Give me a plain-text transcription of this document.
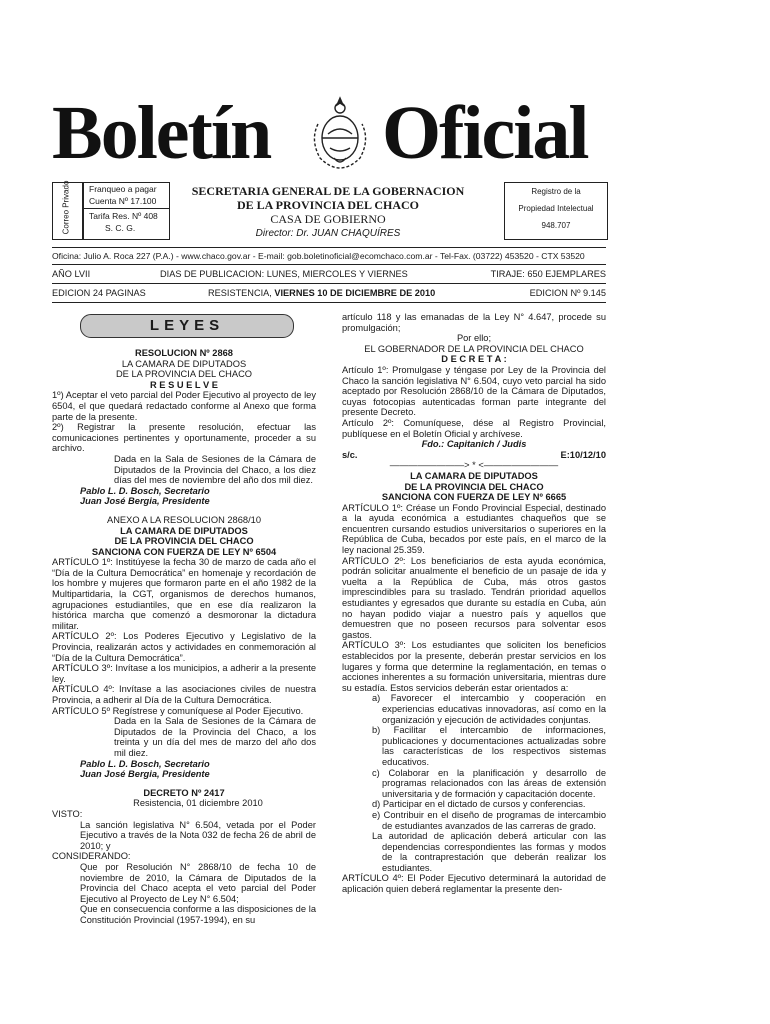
Boletín Oficial
Correo Privado	Franqueo a pagar
Cuenta Nº 17.100
Tarifa Res. Nº 408
S. C. G.
SECRETARIA GENERAL DE LA GOBERNACION
DE LA PROVINCIA DEL CHACO
CASA DE GOBIERNO
Director: Dr. JUAN CHAQUÍRES
Registro de la
Propiedad Intelectual
948.707
Oficina: Julio A. Roca 227 (P.A.) - www.chaco.gov.ar - E-mail: gob.boletinoficial@ecomchaco.com.ar - Tel-Fax. (03722) 453520 - CTX 53520
AÑO LVII	DIAS DE PUBLICACION: LUNES, MIERCOLES Y VIERNES	TIRAJE: 650 EJEMPLARES
EDICION 24 PAGINAS	RESISTENCIA, VIERNES 10 DE DICIEMBRE DE 2010	EDICION Nº 9.145
LEYES

RESOLUCION Nº 2868

LA CAMARA DE DIPUTADOS

DE LA PROVINCIA DEL CHACO

R E S U E L V E

1º) Aceptar el veto parcial del Poder Ejecutivo al proyecto de ley 6504, el que quedará redactado conforme al Anexo que forma parte de la presente.

2º) Registrar la presente resolución, efectuar las comunicaciones pertinentes y oportunamente, proceder a su archivo.

Dada en la Sala de Sesiones de la Cámara de Diputados de la Provincia del Chaco, a los diez días del mes de noviembre del año dos mil diez.

Pablo L. D. Bosch, Secretario

Juan José Bergia, Presidente

ANEXO A LA RESOLUCION 2868/10

LA CAMARA DE DIPUTADOS

DE LA PROVINCIA DEL CHACO

SANCIONA CON FUERZA DE LEY Nº 6504

ARTÍCULO 1º: Institúyese la fecha 30 de marzo de cada año el “Día de la Cultura Democrática” en homenaje y recordación de los hombre y mujeres que formaron parte en el año 1982 de la Multipartidaria, la CGT, organismos de derechos humanos, agrupaciones estudiantiles, que en ese día realizaron la histórica marcha que comenzó a desmoronar la dictadura militar.

ARTÍCULO 2º: Los Poderes Ejecutivo y Legislativo de la Provincia, realizarán actos y actividades en conmemoración al “Día de la Cultura Democrática”.

ARTÍCULO 3º: Invítase a los municipios, a adherir a la presente ley.

ARTÍCULO 4º: Invítase a las asociaciones civiles de nuestra Provincia, a adherir al Día de la Cultura Democrática.

ARTÍCULO 5º Regístrese y comuníquese al Poder Ejecutivo.

Dada en la Sala de Sesiones de la Cámara de Diputados de la Provincia del Chaco, a los treinta y un día del mes de marzo del año dos mil diez.

Pablo L. D. Bosch, Secretario

Juan José Bergia, Presidente

DECRETO Nº 2417

Resistencia, 01 diciembre 2010

VISTO:

La sanción legislativa N° 6.504, vetada por el Poder Ejecutivo a través de la Nota 032 de fecha 26 de abril de 2010; y

CONSIDERANDO:

Que por Resolución N° 2868/10 de fecha 10 de noviembre de 2010, la Cámara de Diputados de la Provincia del Chaco acepta el veto parcial del Poder Ejecutivo al Proyecto de Ley N° 6.504;

Que en consecuencia conforme a las disposiciones de la Constitución Provincial (1957-1994), en su

artículo 118 y las emanadas de la Ley N° 4.647, procede su promulgación;

Por ello;

EL GOBERNADOR DE LA PROVINCIA DEL CHACO

D E C R E T A :

Artículo 1º: Promulgase y téngase por Ley de la Provincia del Chaco la sanción legislativa N° 6.504, cuyo veto parcial ha sido aceptado por Resolución 2868/10 de la Cámara de Diputados, cuyas fotocopias autenticadas forman parte integrante del presente Decreto.

Artículo 2º: Comuníquese, dése al Registro Provincial, publíquese en el Boletín Oficial y archívese.

Fdo.: Capitanich / Judis

s/c.	E:10/12/10

————————> * <————————

LA CAMARA DE DIPUTADOS

DE LA PROVINCIA DEL CHACO

SANCIONA CON FUERZA DE LEY Nº 6665

ARTÍCULO 1º: Créase un Fondo Provincial Especial, destinado a la ayuda económica a estudiantes chaqueños que se encuentren cursando estudios universitarios o superiores en la República de Cuba, becados por este país, en el marco de la ley nacional 25.359.

ARTÍCULO 2º: Los beneficiarios de esta ayuda económica, podrán solicitar anualmente el beneficio de un pasaje de ida y vuelta a la República de Cuba, más otros gastos imprescindibles para su traslado. Tendrán prioridad aquellos estudiantes y egresados que durante su estadía en Cuba, aún no hayan podido viajar a nuestro país y aquellos que demuestren que no poseen recursos para solventar esos gastos.

ARTÍCULO 3º: Los estudiantes que soliciten los beneficios establecidos por la presente, deberán prestar servicios en los lugares y forma que determine la reglamentación, en temas o acciones inherentes a su formación universitaria, mientras dure su estadía. Estos servicios deberán estar orientados a:

a) Favorecer el intercambio y cooperación en experiencias educativas innovadoras, así como en la organización y ejecución de actividades conjuntas.

b) Facilitar el intercambio de informaciones, publicaciones y documentaciones actualizadas sobre las características de los respectivos sistemas educativos.

c) Colaborar en la planificación y desarrollo de programas relacionados con las áreas de extensión universitaria y de formación y capacitación docente.

d) Participar en el dictado de cursos y conferencias.

e) Contribuir en el diseño de programas de intercambio de estudiantes avanzados de las carreras de grado.

La autoridad de aplicación deberá articular con las dependencias correspondientes las formas y modos de la contraprestación que deberán realizar los estudiantes.

ARTÍCULO 4º: El Poder Ejecutivo determinará la autoridad de aplicación quien deberá reglamentar la presente den-
